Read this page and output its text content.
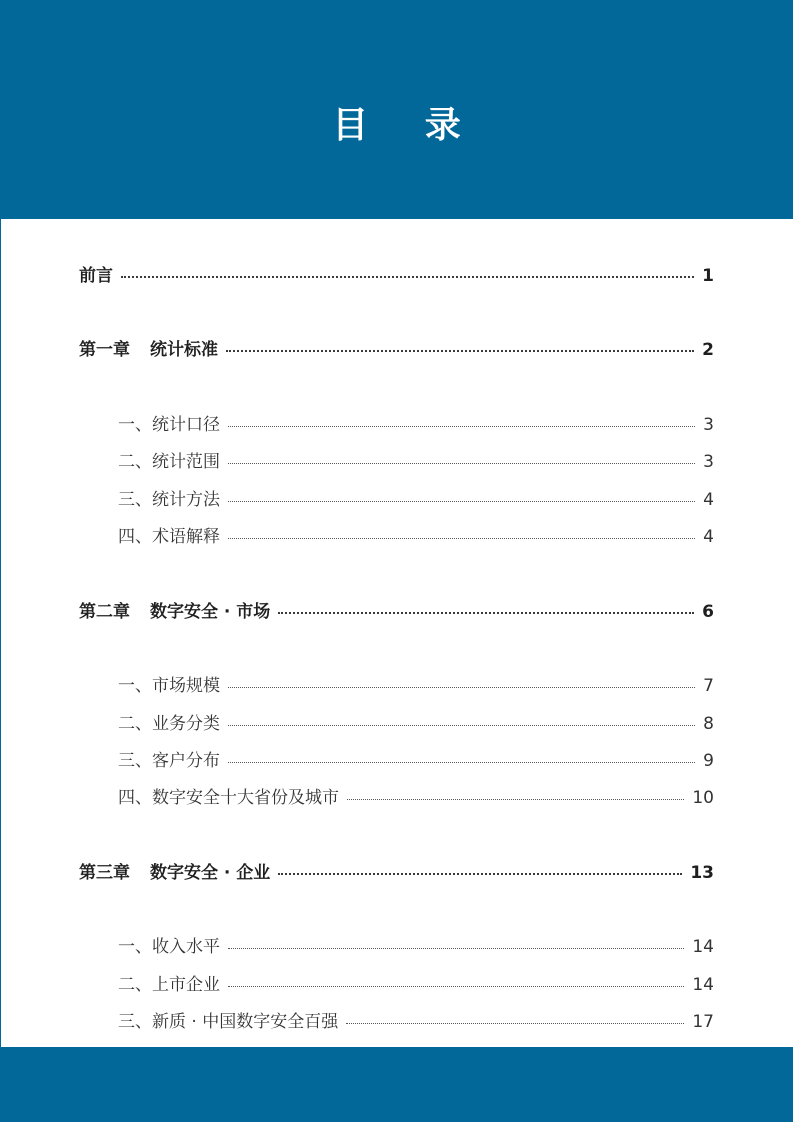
目 录
前言	1
第一章 统计标准	2
一、统计口径	3
二、统计范围	3
三、统计方法	4
四、术语解释	4
第二章 数字安全 · 市场	6
一、市场规模	7
二、业务分类	8
三、客户分布	9
四、数字安全十大省份及城市	10
第三章 数字安全 · 企业	13
一、收入水平	14
二、上市企业	14
三、新质 · 中国数字安全百强	17
